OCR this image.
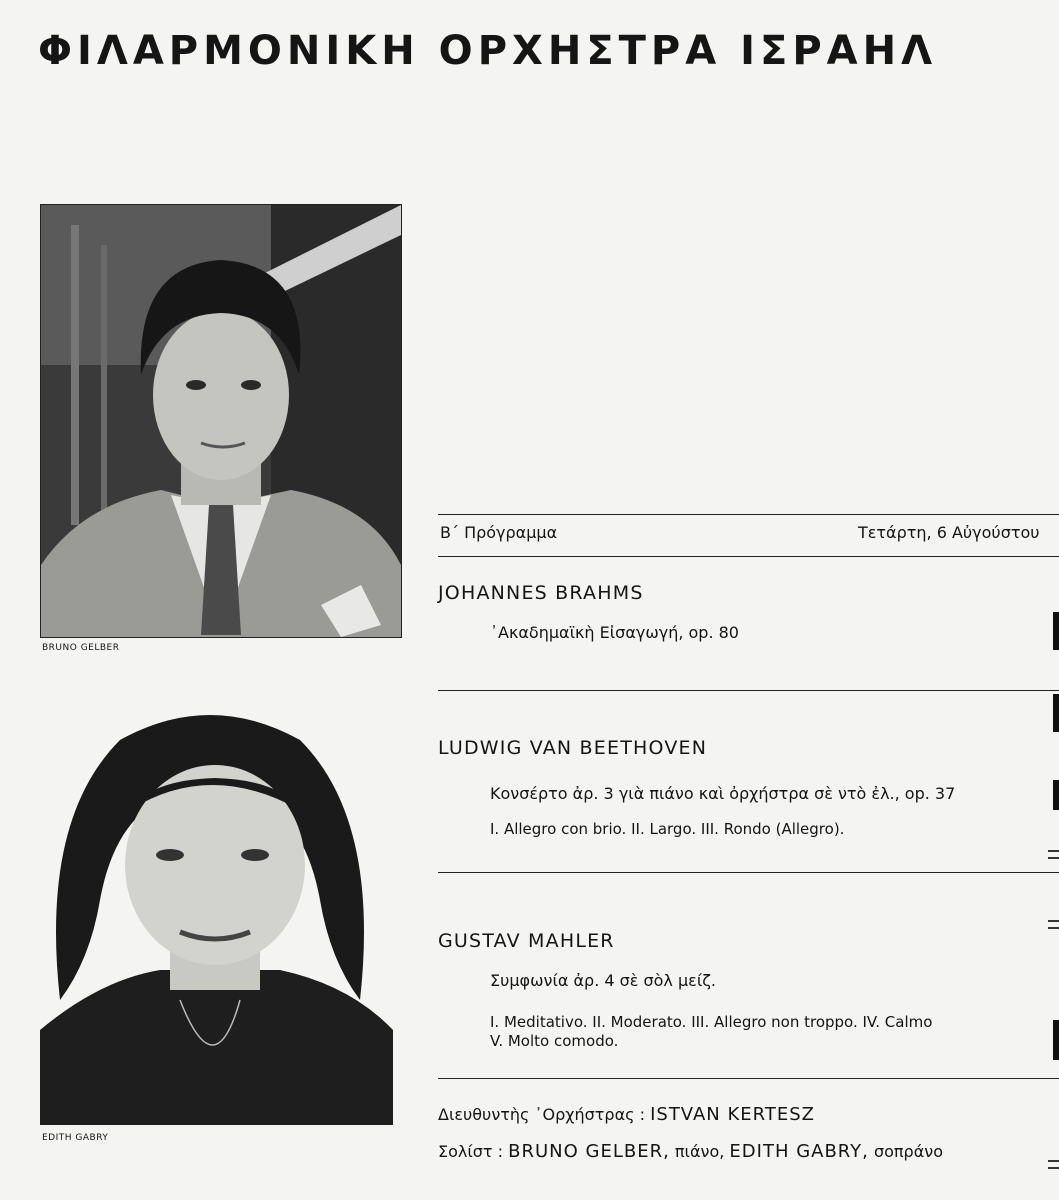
ΦΙΛΑΡΜΟΝΙΚΗ ΟΡΧΗΣΤΡΑ ΙΣΡΑΗΛ
BRUNO GELBER
EDITH GABRY
Β΄ Πρόγραμμα	Τετάρτη, 6 Αὐγούστου
JOHANNES BRAHMS
᾽Ακαδημαϊκὴ Εἰσαγωγή, op. 80
LUDWIG VAN BEETHOVEN
Κονσέρτο ἀρ. 3 γιὰ πιάνο καὶ ὀρχήστρα σὲ ντὸ ἐλ., op. 37
I. Allegro con brio. II. Largo. III. Rondo (Allegro).
GUSTAV MAHLER
Συμφωνία ἀρ. 4 σὲ σὸλ μείζ.
I. Meditativo. II. Moderato. III. Allegro non troppo. IV. Calmo
V. Molto comodo.
Διευθυντὴς ᾽Ορχήστρας : ISTVAN KERTESZ
Σολίστ : BRUNO GELBER, πιάνο, EDITH GABRY, σοπράνο
